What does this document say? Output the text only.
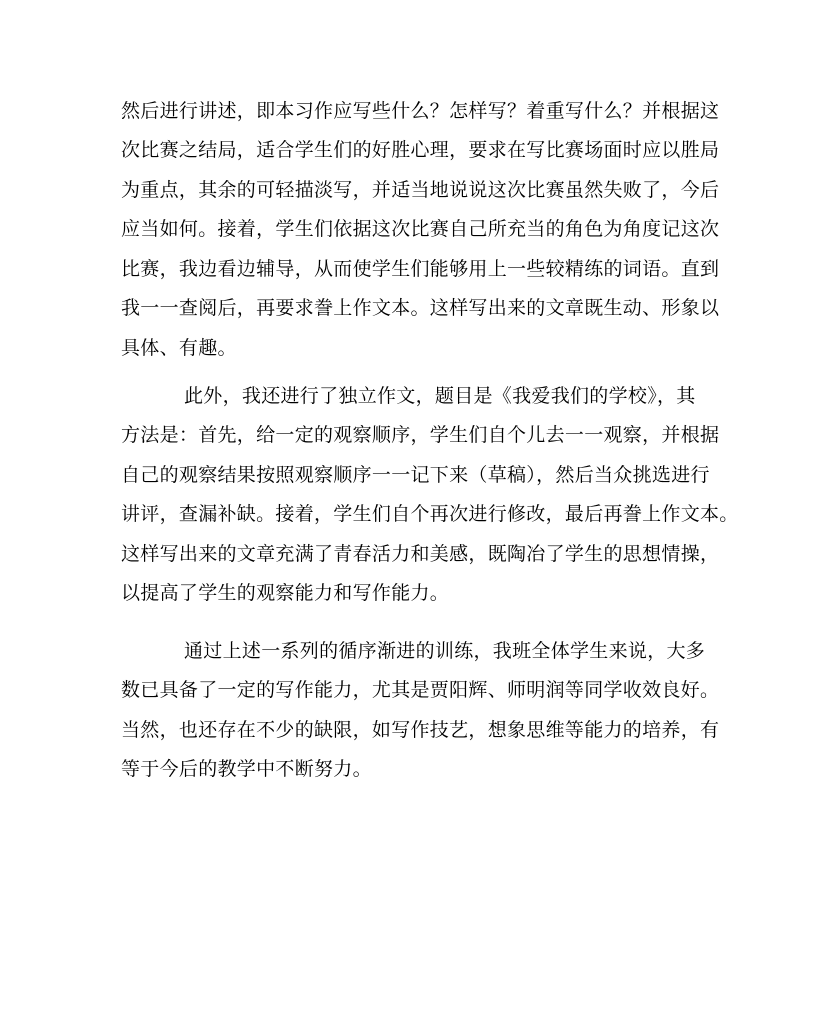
然后进行讲述，即本习作应写些什么？怎样写？着重写什么？并根据这
次比赛之结局，适合学生们的好胜心理，要求在写比赛场面时应以胜局
为重点，其余的可轻描淡写，并适当地说说这次比赛虽然失败了，今后
应当如何。接着，学生们依据这次比赛自己所充当的角色为角度记这次
比赛，我边看边辅导，从而使学生们能够用上一些较精练的词语。直到
我一一查阅后，再要求誊上作文本。这样写出来的文章既生动、形象以
具体、有趣。
此外，我还进行了独立作文，题目是《我爱我们的学校》，其
方法是：首先，给一定的观察顺序，学生们自个儿去一一观察，并根据
自己的观察结果按照观察顺序一一记下来（草稿），然后当众挑选进行
讲评，查漏补缺。接着，学生们自个再次进行修改，最后再誊上作文本。
这样写出来的文章充满了青春活力和美感，既陶冶了学生的思想情操，
以提高了学生的观察能力和写作能力。
通过上述一系列的循序渐进的训练，我班全体学生来说，大多
数已具备了一定的写作能力，尤其是贾阳辉、师明润等同学收效良好。
当然，也还存在不少的缺限，如写作技艺，想象思维等能力的培养，有
等于今后的教学中不断努力。
